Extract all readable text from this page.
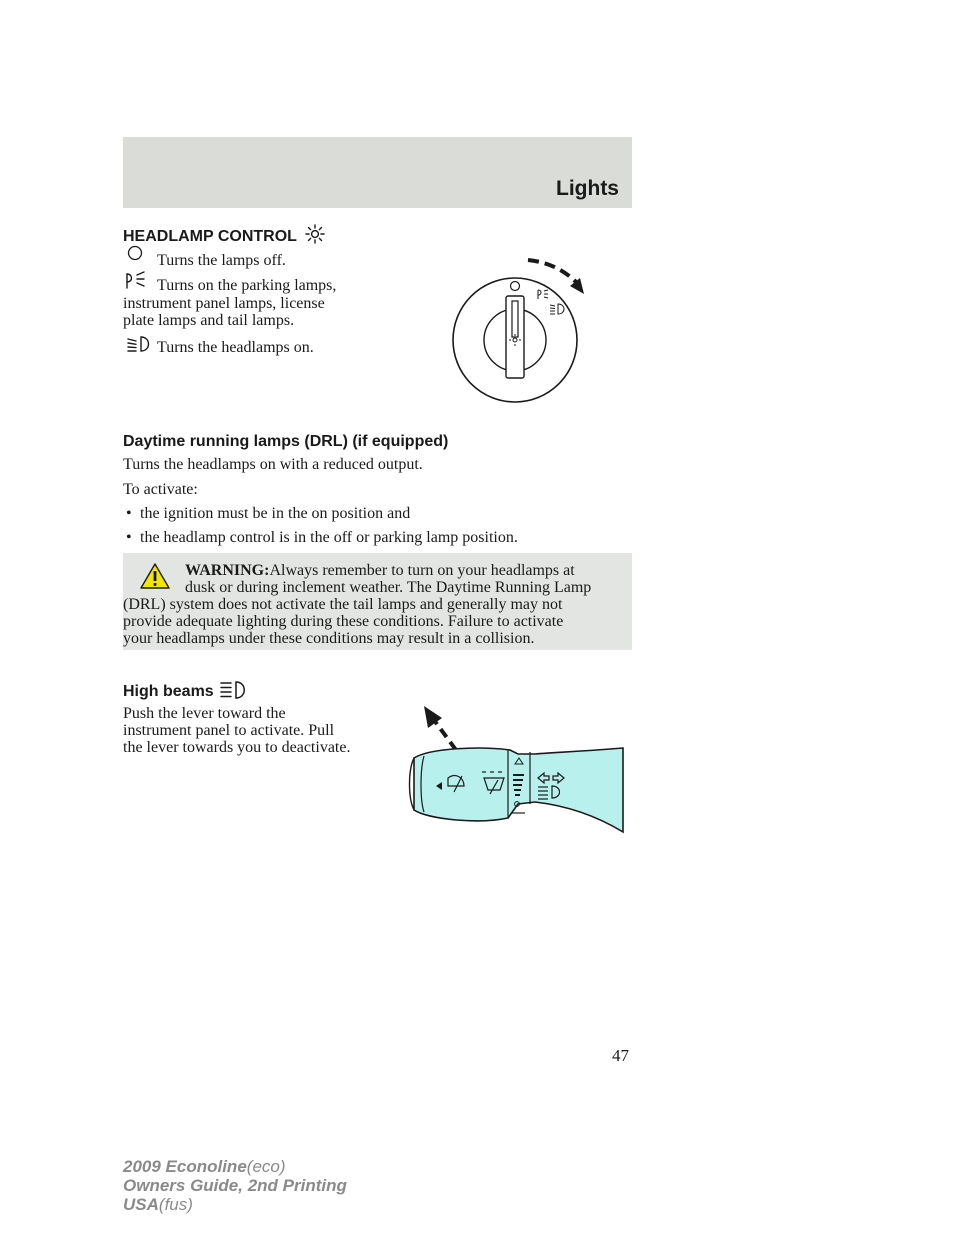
Lights
HEADLAMP CONTROL
Turns the lamps off.
Turns on the parking lamps,
instrument panel lamps, license
plate lamps and tail lamps.
Turns the headlamps on.
Daytime running lamps (DRL) (if equipped)
Turns the headlamps on with a reduced output.
To activate:
• the ignition must be in the on position and
• the headlamp control is in the off or parking lamp position.
WARNING:Always remember to turn on your headlamps at
dusk or during inclement weather. The Daytime Running Lamp
(DRL) system does not activate the tail lamps and generally may not
provide adequate lighting during these conditions. Failure to activate
your headlamps under these conditions may result in a collision.
High beams
Push the lever toward the
instrument panel to activate. Pull
the lever towards you to deactivate.
47
2009 Econoline(eco)
Owners Guide, 2nd Printing
USA(fus)
